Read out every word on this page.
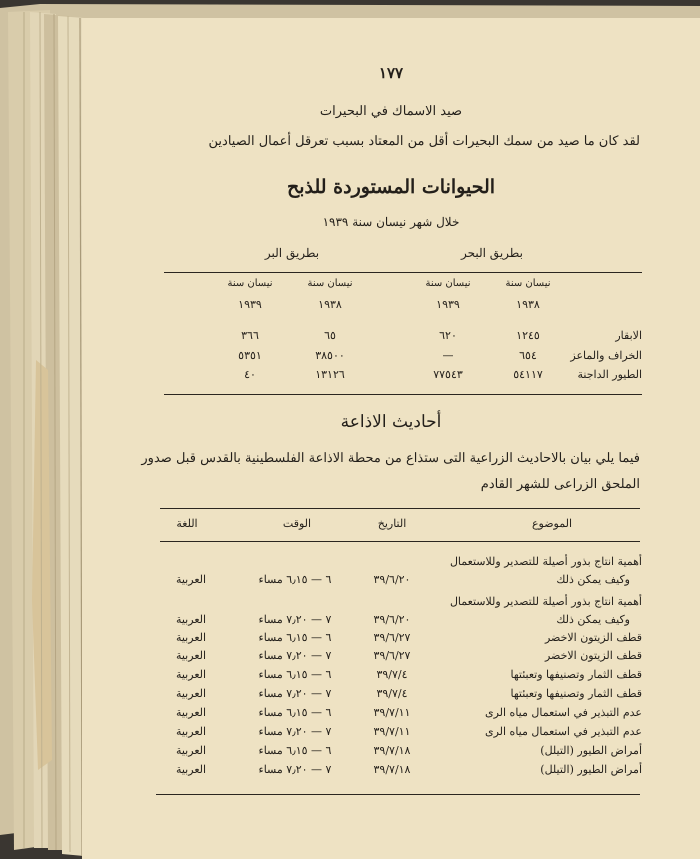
١٧٧
صيد الاسماك في البحيرات
لقد كان ما صيد من سمك البحيرات أقل من المعتاد بسبب تعرقل أعمال الصيادين
الحيوانات المستوردة للذبح
خلال شهر نيسان سنة ١٩٣٩
بطريق البحر
بطريق البر
نيسان سنة
نيسان سنة
نيسان سنة
نيسان سنة
١٩٣٨
١٩٣٩
١٩٣٨
١٩٣٩
الابقار
١٢٤٥
٦٢٠
٦٥
٣٦٦
الخراف والماعز
٦٥٤
—
٣٨٥٠٠
٥٣٥١
الطيور الداجنة
٥٤١١٧
٧٧٥٤٣
١٣١٢٦
٤٠
أحاديث الاذاعة
فيما يلي بيان بالاحاديث الزراعية التى ستذاع من محطة الاذاعة الفلسطينية بالقدس قبل صدور
الملحق الزراعى للشهر القادم
الموضوع
التاريخ
الوقت
اللغة
أهمية انتاج بذور أصيلة للتصدير وللاستعمال
وكيف يمكن ذلك
٣٩/٦/٢٠
٦ — ٦٫١٥ مساء
العربية
أهمية انتاج بذور أصيلة للتصدير وللاستعمال
وكيف يمكن ذلك
٣٩/٦/٢٠
٧ — ٧٫٢٠ مساء
العربية
قطف الزيتون الاخضر
٣٩/٦/٢٧
٦ — ٦٫١٥ مساء
العربية
قطف الزيتون الاخضر
٣٩/٦/٢٧
٧ — ٧٫٢٠ مساء
العربية
قطف الثمار وتصنيفها وتعبئتها
٣٩/٧/٤
٦ — ٦٫١٥ مساء
العربية
قطف الثمار وتصنيفها وتعبئتها
٣٩/٧/٤
٧ — ٧٫٢٠ مساء
العربية
عدم التبذير في استعمال مياه الرى
٣٩/٧/١١
٦ — ٦٫١٥ مساء
العربية
عدم التبذير في استعمال مياه الرى
٣٩/٧/١١
٧ — ٧٫٢٠ مساء
العربية
أمراض الطيور (التيلل)
٣٩/٧/١٨
٦ — ٦٫١٥ مساء
العربية
أمراض الطيور (التيلل)
٣٩/٧/١٨
٧ — ٧٫٢٠ مساء
العربية
